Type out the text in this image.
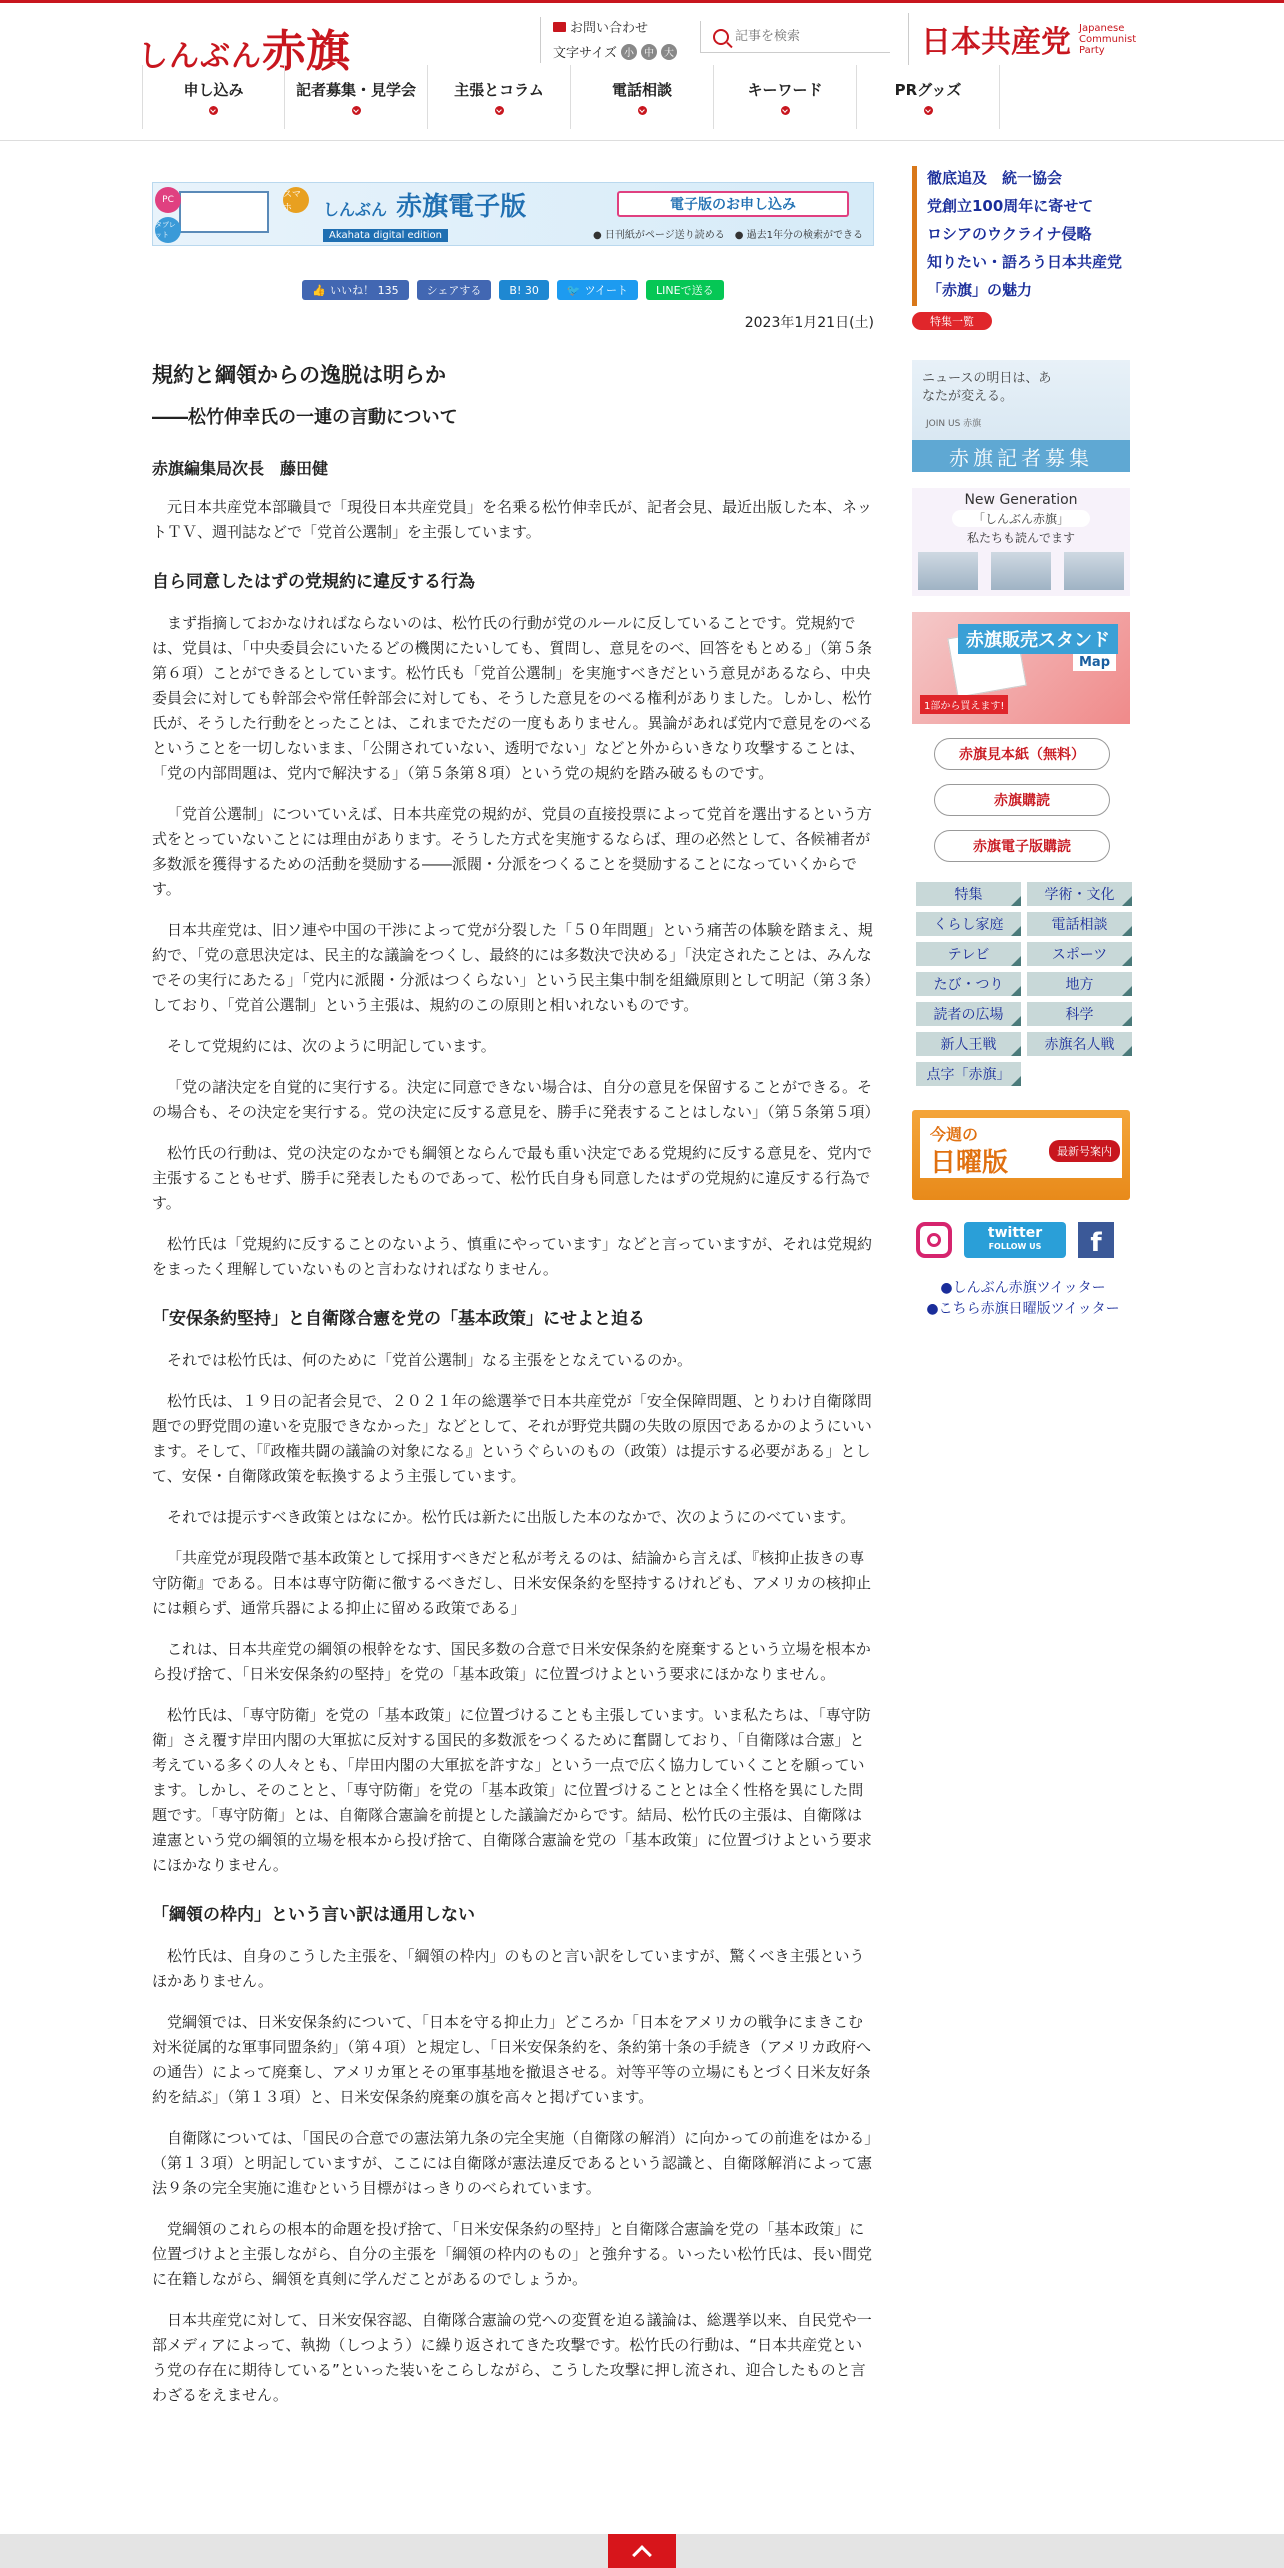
しんぶん赤旗	お問い合わせ
文字サイズ 小	中	大
記事を検索	日本共産党 Japanese Communist Party
申し込み	記者募集・見学会	主張とコラム	電話相談	キーワード	PRグッズ
PC
タブレット
スマホ	しんぶん 赤旗電子版
Akahata digital edition
電子版のお申し込み
● 日刊紙がページ送り読める　● 過去1年分の検索ができる
👍 いいね！ 135	シェアする	B! 30	🐦 ツイート	LINEで送る
2023年1月21日(土)
規約と綱領からの逸脱は明らか
――松竹伸幸氏の一連の言動について
赤旗編集局次長　藤田健

元日本共産党本部職員で「現役日本共産党員」を名乗る松竹伸幸氏が、記者会見、最近出版した本、ネットＴＶ、週刊誌などで「党首公選制」を主張しています。

自ら同意したはずの党規約に違反する行為

まず指摘しておかなければならないのは、松竹氏の行動が党のルールに反していることです。党規約では、党員は、「中央委員会にいたるどの機関にたいしても、質問し、意見をのべ、回答をもとめる」（第５条第６項）ことができるとしています。松竹氏も「党首公選制」を実施すべきだという意見があるなら、中央委員会に対しても幹部会や常任幹部会に対しても、そうした意見をのべる権利がありました。しかし、松竹氏が、そうした行動をとったことは、これまでただの一度もありません。異論があれば党内で意見をのべるということを一切しないまま、「公開されていない、透明でない」などと外からいきなり攻撃することは、「党の内部問題は、党内で解決する」（第５条第８項）という党の規約を踏み破るものです。

「党首公選制」についていえば、日本共産党の規約が、党員の直接投票によって党首を選出するという方式をとっていないことには理由があります。そうした方式を実施するならば、理の必然として、各候補者が多数派を獲得するための活動を奨励する――派閥・分派をつくることを奨励することになっていくからです。

日本共産党は、旧ソ連や中国の干渉によって党が分裂した「５０年問題」という痛苦の体験を踏まえ、規約で、「党の意思決定は、民主的な議論をつくし、最終的には多数決で決める」「決定されたことは、みんなでその実行にあたる」「党内に派閥・分派はつくらない」という民主集中制を組織原則として明記（第３条）しており、「党首公選制」という主張は、規約のこの原則と相いれないものです。

そして党規約には、次のように明記しています。

「党の諸決定を自覚的に実行する。決定に同意できない場合は、自分の意見を保留することができる。その場合も、その決定を実行する。党の決定に反する意見を、勝手に発表することはしない」（第５条第５項）

松竹氏の行動は、党の決定のなかでも綱領とならんで最も重い決定である党規約に反する意見を、党内で主張することもせず、勝手に発表したものであって、松竹氏自身も同意したはずの党規約に違反する行為です。

松竹氏は「党規約に反することのないよう、慎重にやっています」などと言っていますが、それは党規約をまったく理解していないものと言わなければなりません。

「安保条約堅持」と自衛隊合憲を党の「基本政策」にせよと迫る

それでは松竹氏は、何のために「党首公選制」なる主張をとなえているのか。

松竹氏は、１９日の記者会見で、２０２１年の総選挙で日本共産党が「安全保障問題、とりわけ自衛隊問題での野党間の違いを克服できなかった」などとして、それが野党共闘の失敗の原因であるかのようにいいます。そして、「『政権共闘の議論の対象になる』というぐらいのもの（政策）は提示する必要がある」として、安保・自衛隊政策を転換するよう主張しています。

それでは提示すべき政策とはなにか。松竹氏は新たに出版した本のなかで、次のようにのべています。

「共産党が現段階で基本政策として採用すべきだと私が考えるのは、結論から言えば、『核抑止抜きの専守防衛』である。日本は専守防衛に徹するべきだし、日米安保条約を堅持するけれども、アメリカの核抑止には頼らず、通常兵器による抑止に留める政策である」

これは、日本共産党の綱領の根幹をなす、国民多数の合意で日米安保条約を廃棄するという立場を根本から投げ捨て、「日米安保条約の堅持」を党の「基本政策」に位置づけよという要求にほかなりません。

松竹氏は、「専守防衛」を党の「基本政策」に位置づけることも主張しています。いま私たちは、「専守防衛」さえ覆す岸田内閣の大軍拡に反対する国民的多数派をつくるために奮闘しており、「自衛隊は合憲」と考えている多くの人々とも、「岸田内閣の大軍拡を許すな」という一点で広く協力していくことを願っています。しかし、そのことと、「専守防衛」を党の「基本政策」に位置づけることとは全く性格を異にした問題です。「専守防衛」とは、自衛隊合憲論を前提とした議論だからです。結局、松竹氏の主張は、自衛隊は違憲という党の綱領的立場を根本から投げ捨て、自衛隊合憲論を党の「基本政策」に位置づけよという要求にほかなりません。

「綱領の枠内」という言い訳は通用しない

松竹氏は、自身のこうした主張を、「綱領の枠内」のものと言い訳をしていますが、驚くべき主張というほかありません。

党綱領では、日米安保条約について、「日本を守る抑止力」どころか「日本をアメリカの戦争にまきこむ対米従属的な軍事同盟条約」（第４項）と規定し、「日米安保条約を、条約第十条の手続き（アメリカ政府への通告）によって廃棄し、アメリカ軍とその軍事基地を撤退させる。対等平等の立場にもとづく日米友好条約を結ぶ」（第１３項）と、日米安保条約廃棄の旗を高々と掲げています。

自衛隊については、「国民の合意での憲法第九条の完全実施（自衛隊の解消）に向かっての前進をはかる」（第１３項）と明記していますが、ここには自衛隊が憲法違反であるという認識と、自衛隊解消によって憲法９条の完全実施に進むという目標がはっきりのべられています。

党綱領のこれらの根本的命題を投げ捨て、「日米安保条約の堅持」と自衛隊合憲論を党の「基本政策」に位置づけよと主張しながら、自分の主張を「綱領の枠内のもの」と強弁する。いったい松竹氏は、長い間党に在籍しながら、綱領を真剣に学んだことがあるのでしょうか。

日本共産党に対して、日米安保容認、自衛隊合憲論の党への変質を迫る議論は、総選挙以来、自民党や一部メディアによって、執拗（しつよう）に繰り返されてきた攻撃です。松竹氏の行動は、“日本共産党という党の存在に期待している”といった装いをこらしながら、こうした攻撃に押し流され、迎合したものと言わざるをえません。

徹底追及　統一協会
党創立100周年に寄せて
ロシアのウクライナ侵略
知りたい・語ろう日本共産党
「赤旗」の魅力
特集一覧
ニュースの明日は、あなたが変える。
JOIN US 赤旗
赤旗記者募集
New Generation
「しんぶん赤旗」
私たちも読んでます
赤旗販売スタンド
Map
1部から買えます!
赤旗見本紙（無料）
赤旗購読
赤旗電子版購読
特集	学術・文化
くらし家庭	電話相談
テレビ	スポーツ
たび・つり	地方
読者の広場	科学
新人王戦	赤旗名人戦
点字「赤旗」
今週の
日曜版	最新号案内
twitter
FOLLOW US	f
●しんぶん赤旗ツイッター
●こちら赤旗日曜版ツイッター
